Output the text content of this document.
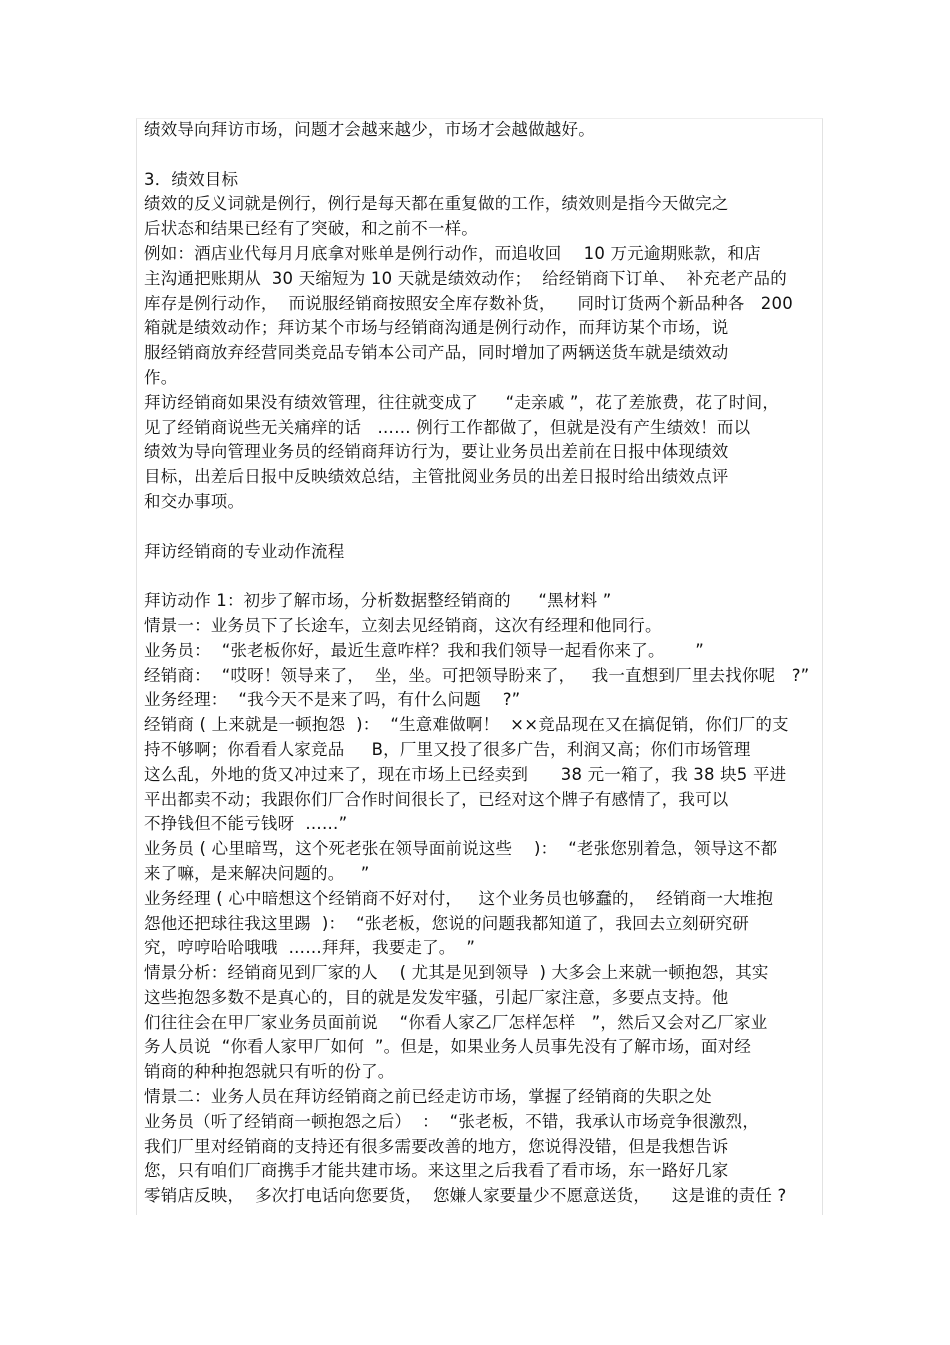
绩效导向拜访市场，问题才会越来越少，市场才会越做越好。
3．绩效目标
绩效的反义词就是例行，例行是每天都在重复做的工作，绩效则是指今天做完之
后状态和结果已经有了突破，和之前不一样。
例如：酒店业代每月月底拿对账单是例行动作，而追收回　 10 万元逾期账款，和店
主沟通把账期从  30 天缩短为 10 天就是绩效动作；  给经销商下订单、  补充老产品的
库存是例行动作，  而说服经销商按照安全库存数补货，    同时订货两个新品种各   200
箱就是绩效动作；拜访某个市场与经销商沟通是例行动作，而拜访某个市场，说
服经销商放弃经营同类竞品专销本公司产品，同时增加了两辆送货车就是绩效动
作。
拜访经销商如果没有绩效管理，往往就变成了　  “走亲戚 ”，花了差旅费，花了时间，
见了经销商说些无关痛痒的话   …… 例行工作都做了，但就是没有产生绩效！而以
绩效为导向管理业务员的经销商拜访行为，要让业务员出差前在日报中体现绩效
目标，出差后日报中反映绩效总结，主管批阅业务员的出差日报时给出绩效点评
和交办事项。
拜访经销商的专业动作流程
拜访动作 1：初步了解市场，分析数据整经销商的　  “黑材料 ”
情景一：业务员下了长途车，立刻去见经销商，这次有经理和他同行。
业务员：  “张老板你好，最近生意咋样？我和我们领导一起看你来了。　 　”
经销商：  “哎呀！领导来了，  坐，坐。可把领导盼来了，   我一直想到厂里去找你呢   ?”
业务经理：  “我今天不是来了吗，有什么问题    ?”
经销商 ( 上来就是一顿抱怨  )：  “生意难做啊！  ××竞品现在又在搞促销，你们厂的支
持不够啊；你看看人家竞品     B，厂里又投了很多广告，利润又高；你们市场管理
这么乱，外地的货又冲过来了，现在市场上已经卖到      38 元一箱了，我 38 块5 平进
平出都卖不动；我跟你们厂合作时间很长了，已经对这个牌子有感情了，我可以
不挣钱但不能亏钱呀  ……”
业务员 ( 心里暗骂，这个死老张在领导面前说这些    )：  “老张您别着急，领导这不都
来了嘛，是来解决问题的。   ”
业务经理 ( 心中暗想这个经销商不好对付，   这个业务员也够蠢的，  经销商一大堆抱
怨他还把球往我这里踢  )：  “张老板，您说的问题我都知道了，我回去立刻研究研
究，哼哼哈哈哦哦  ……拜拜，我要走了。  ”
情景分析：经销商见到厂家的人    ( 尤其是见到领导  ) 大多会上来就一顿抱怨，其实
这些抱怨多数不是真心的，目的就是发发牢骚，引起厂家注意，多要点支持。他
们往往会在甲厂家业务员面前说    “你看人家乙厂怎样怎样   ”，然后又会对乙厂家业
务人员说  “你看人家甲厂如何  ”。但是，如果业务人员事先没有了解市场，面对经
销商的种种抱怨就只有听的份了。
情景二：业务人员在拜访经销商之前已经走访市场，掌握了经销商的失职之处
业务员（听了经销商一顿抱怨之后）  ：  “张老板，不错，我承认市场竞争很激烈，
我们厂里对经销商的支持还有很多需要改善的地方，您说得没错，但是我想告诉
您，只有咱们厂商携手才能共建市场。来这里之后我看了看市场，东一路好几家
零销店反映，  多次打电话向您要货，  您嫌人家要量少不愿意送货，    这是谁的责任 ?
